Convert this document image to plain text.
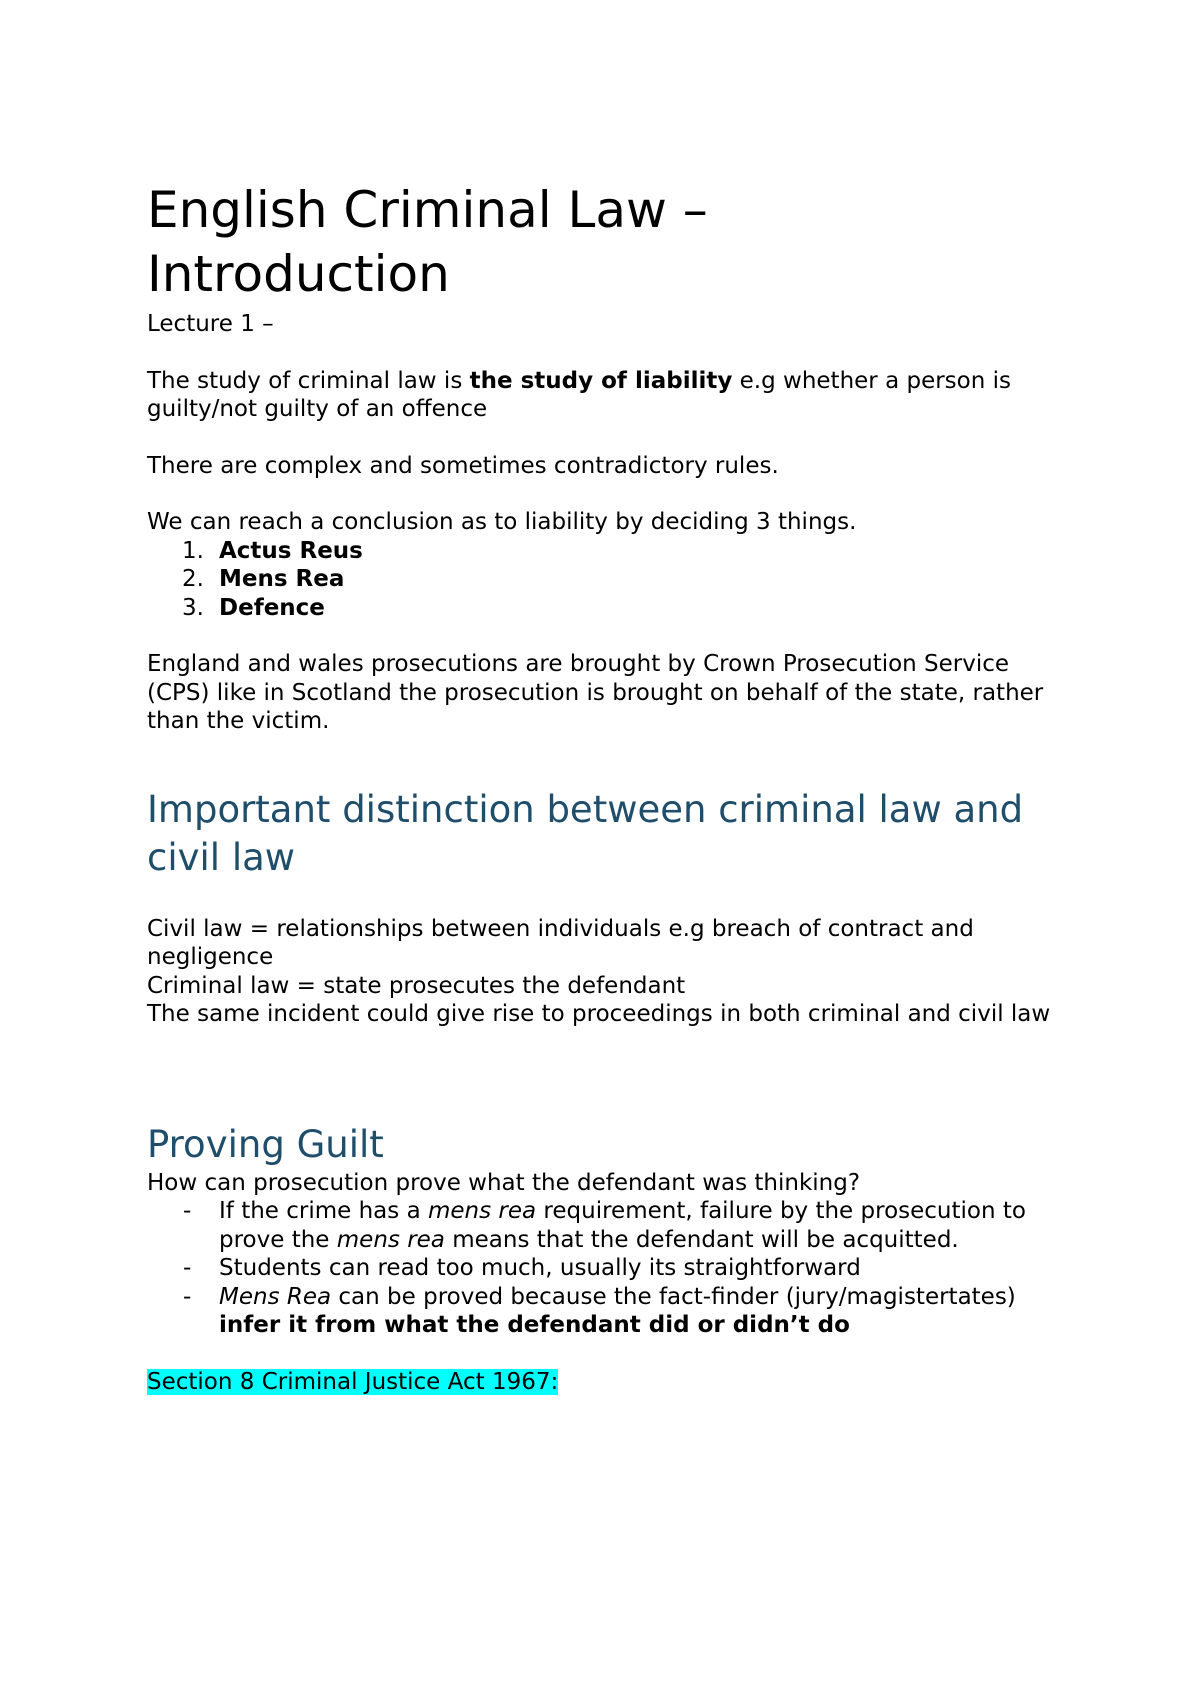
English Criminal Law –
Introduction

Lecture 1 –

The study of criminal law is the study of liability e.g whether a person is guilty/not guilty of an offence

There are complex and sometimes contradictory rules.

We can reach a conclusion as to liability by deciding 3 things.

1. Actus Reus
2. Mens Rea
3. Defence

England and wales prosecutions are brought by Crown Prosecution Service (CPS) like in Scotland the prosecution is brought on behalf of the state, rather than the victim.

Important distinction between criminal law and civil law

Civil law = relationships between individuals e.g breach of contract and negligence

Criminal law = state prosecutes the defendant

The same incident could give rise to proceedings in both criminal and civil law

Proving Guilt

How can prosecution prove what the defendant was thinking?

- If the crime has a mens rea requirement, failure by the prosecution to prove the mens rea means that the defendant will be acquitted.
- Students can read too much, usually its straightforward
- Mens Rea can be proved because the fact-finder (jury/magistertates) infer it from what the defendant did or didn’t do

Section 8 Criminal Justice Act 1967:
